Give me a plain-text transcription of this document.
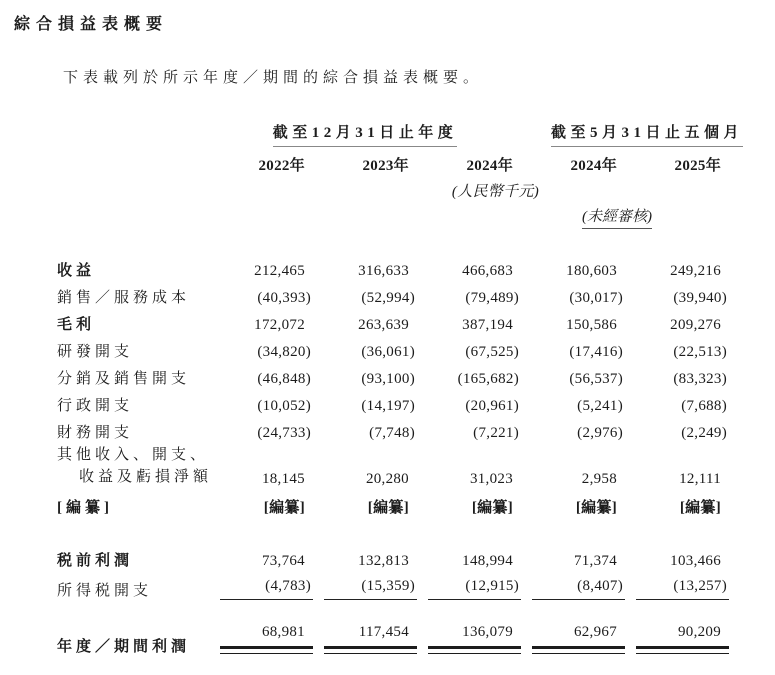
綜合損益表概要
下表載列於所示年度／期間的綜合損益表概要。
	截至12月31日止年度			截至5月31日止五個月	

	2022年	2023年	2024年	2024年	2025年

			(人民幣千元)		

				(未經審核)	

收益	212,465	316,633	466,683	180,603	249,216

銷售／服務成本	(40,393)	(52,994)	(79,489)	(30,017)	(39,940)

毛利	172,072	263,639	387,194	150,586	209,276

研發開支	(34,820)	(36,061)	(67,525)	(17,416)	(22,513)

分銷及銷售開支	(46,848)	(93,100)	(165,682)	(56,537)	(83,323)

行政開支	(10,052)	(14,197)	(20,961)	(5,241)	(7,688)

財務開支	(24,733)	(7,748)	(7,221)	(2,976)	(2,249)

其他收入、開支、
收益及虧損淨額	18,145	20,280	31,023	2,958	12,111

[編纂]	[編纂]	[編纂]	[編纂]	[編纂]	[編纂]

税前利潤	73,764	132,813	148,994	71,374	103,466

所得税開支	(4,783)	(15,359)	(12,915)	(8,407)	(13,257)

年度／期間利潤	68,981	117,454	136,079	62,967	90,209
